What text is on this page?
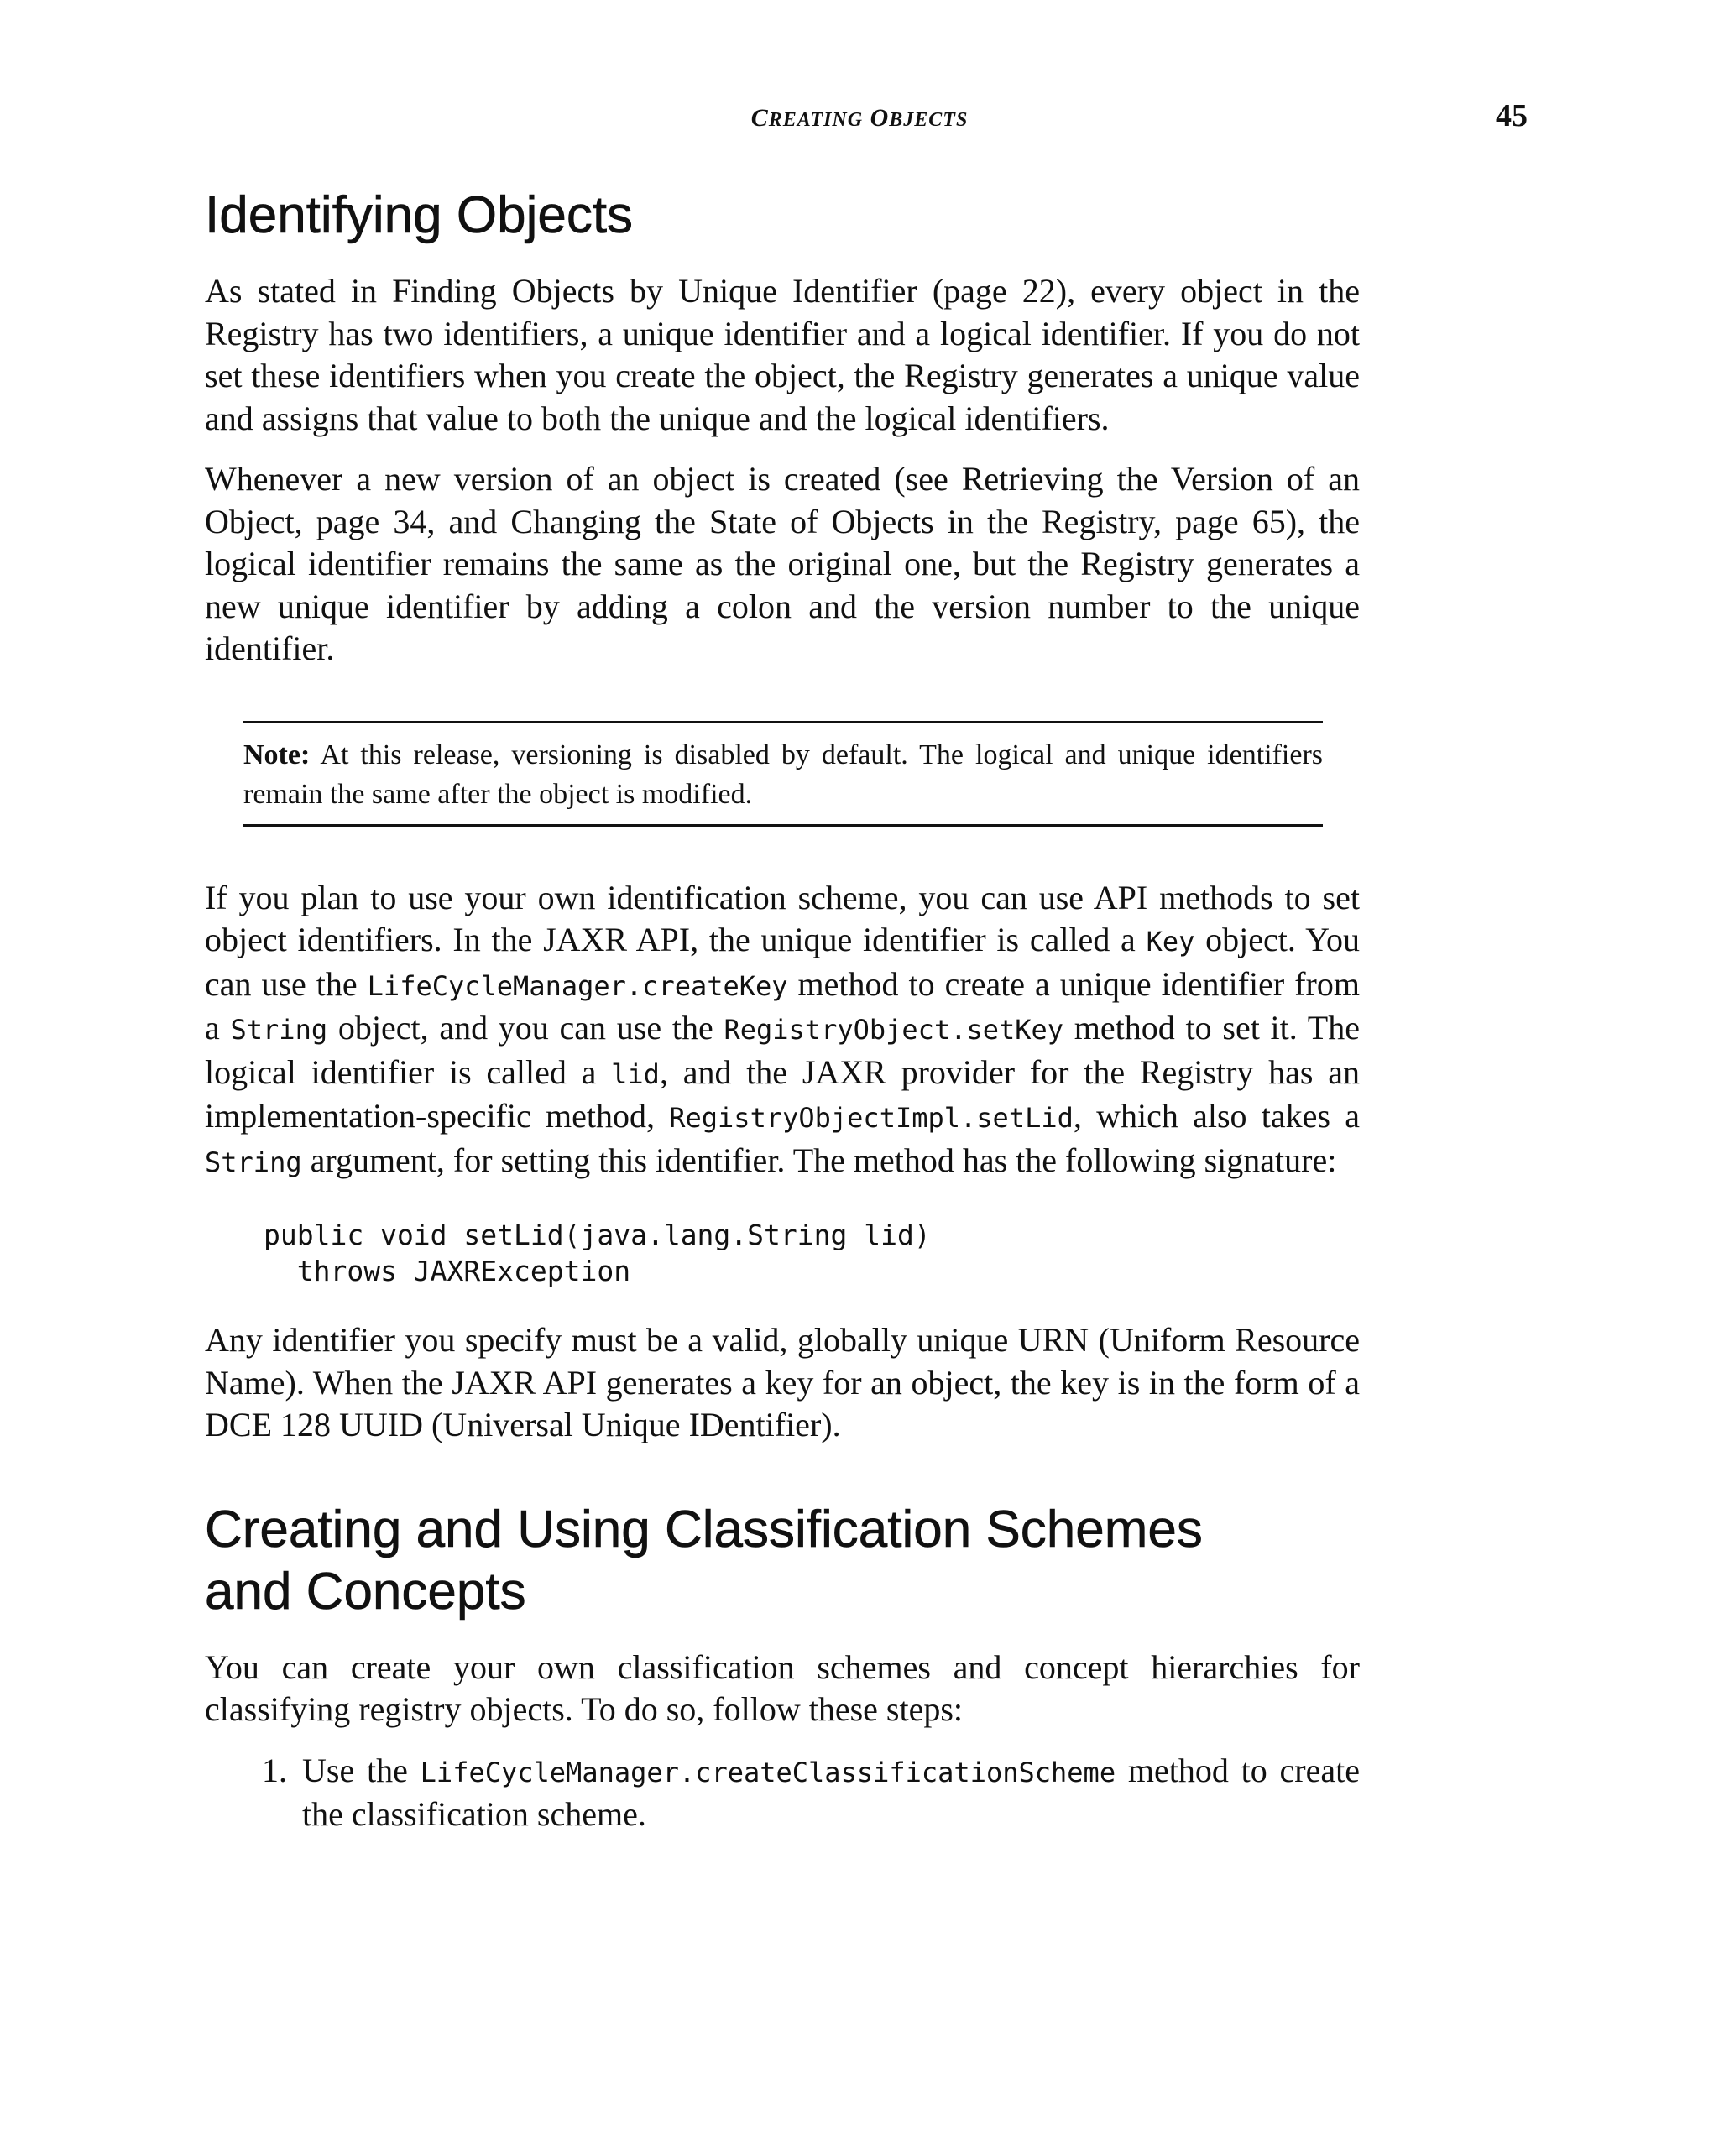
CREATING OBJECTS	45
Identifying Objects

As stated in Finding Objects by Unique Identifier (page 22), every object in the Registry has two identifiers, a unique identifier and a logical identifier. If you do not set these identifiers when you create the object, the Registry generates a unique value and assigns that value to both the unique and the logical identifiers.

Whenever a new version of an object is created (see Retrieving the Version of an Object, page 34, and Changing the State of Objects in the Registry, page 65), the logical identifier remains the same as the original one, but the Registry generates a new unique identifier by adding a colon and the version number to the unique identifier.

Note: At this release, versioning is disabled by default. The logical and unique identifiers remain the same after the object is modified.

If you plan to use your own identification scheme, you can use API methods to set object identifiers. In the JAXR API, the unique identifier is called a Key object. You can use the LifeCycleManager.createKey method to create a unique identifier from a String object, and you can use the RegistryObject.setKey method to set it. The logical identifier is called a lid, and the JAXR provider for the Registry has an implementation-specific method, RegistryObjectImpl.setLid, which also takes a String argument, for setting this identifier. The method has the following signature:

public void setLid(java.lang.String lid)
throws JAXRException

Any identifier you specify must be a valid, globally unique URN (Uniform Resource Name). When the JAXR API generates a key for an object, the key is in the form of a DCE 128 UUID (Universal Unique IDentifier).

Creating and Using Classification Schemes
and Concepts

You can create your own classification schemes and concept hierarchies for classifying registry objects. To do so, follow these steps:

1. Use the LifeCycleManager.createClassificationScheme method to create the classification scheme.
